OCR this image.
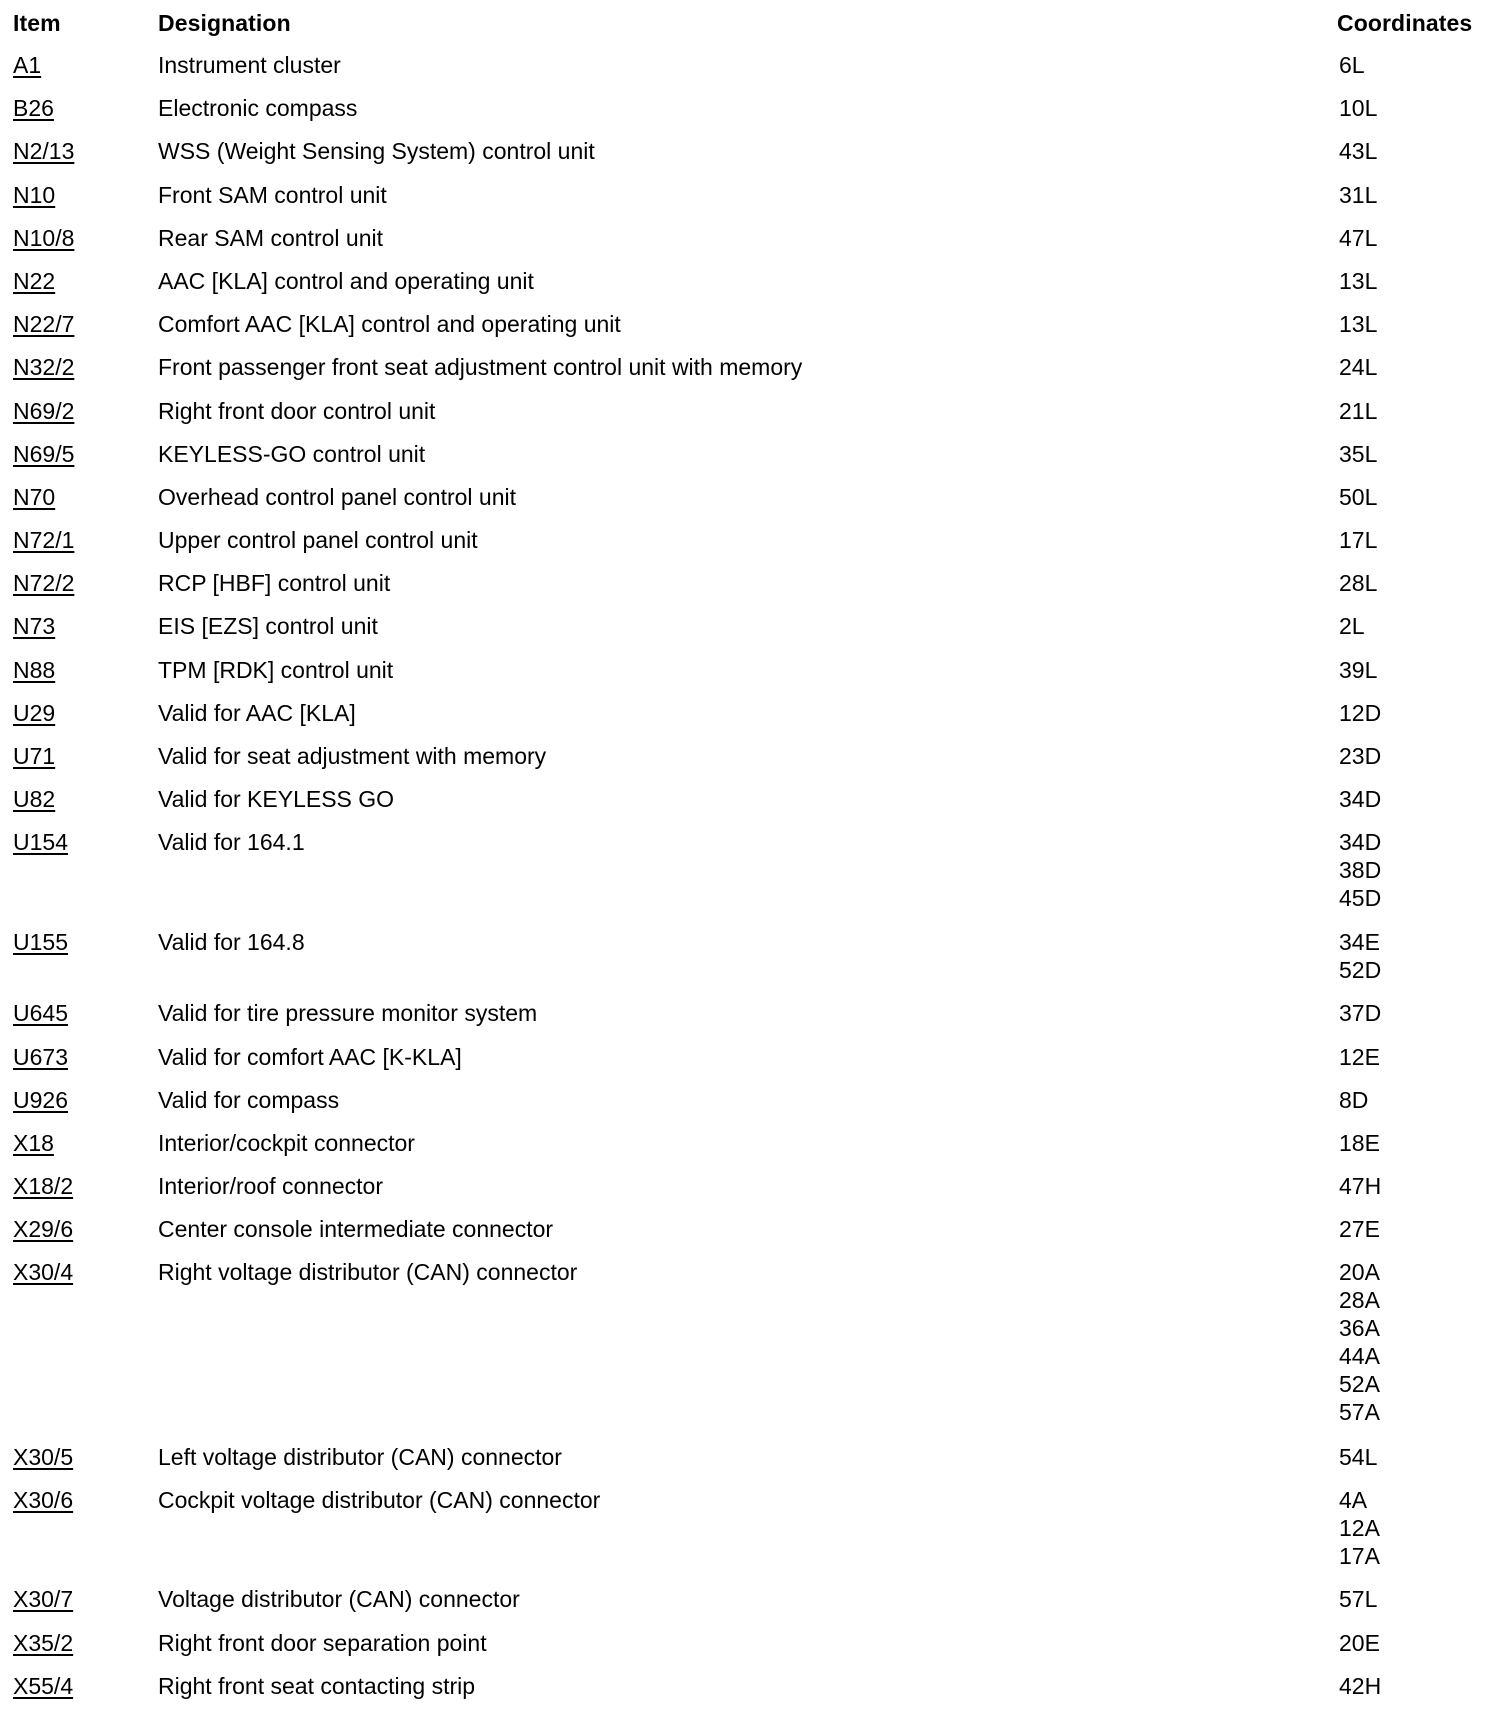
Item	Designation	Coordinates
A1	Instrument cluster	6L
B26	Electronic compass	10L
N2/13	WSS (Weight Sensing System) control unit	43L
N10	Front SAM control unit	31L
N10/8	Rear SAM control unit	47L
N22	AAC [KLA] control and operating unit	13L
N22/7	Comfort AAC [KLA] control and operating unit	13L
N32/2	Front passenger front seat adjustment control unit with memory	24L
N69/2	Right front door control unit	21L
N69/5	KEYLESS-GO control unit	35L
N70	Overhead control panel control unit	50L
N72/1	Upper control panel control unit	17L
N72/2	RCP [HBF] control unit	28L
N73	EIS [EZS] control unit	2L
N88	TPM [RDK] control unit	39L
U29	Valid for AAC [KLA]	12D
U71	Valid for seat adjustment with memory	23D
U82	Valid for KEYLESS GO	34D
U154	Valid for 164.1	34D
38D
45D
U155	Valid for 164.8	34E
52D
U645	Valid for tire pressure monitor system	37D
U673	Valid for comfort AAC [K-KLA]	12E
U926	Valid for compass	8D
X18	Interior/cockpit connector	18E
X18/2	Interior/roof connector	47H
X29/6	Center console intermediate connector	27E
X30/4	Right voltage distributor (CAN) connector	20A
28A
36A
44A
52A
57A
X30/5	Left voltage distributor (CAN) connector	54L
X30/6	Cockpit voltage distributor (CAN) connector	4A
12A
17A
X30/7	Voltage distributor (CAN) connector	57L
X35/2	Right front door separation point	20E
X55/4	Right front seat contacting strip	42H
